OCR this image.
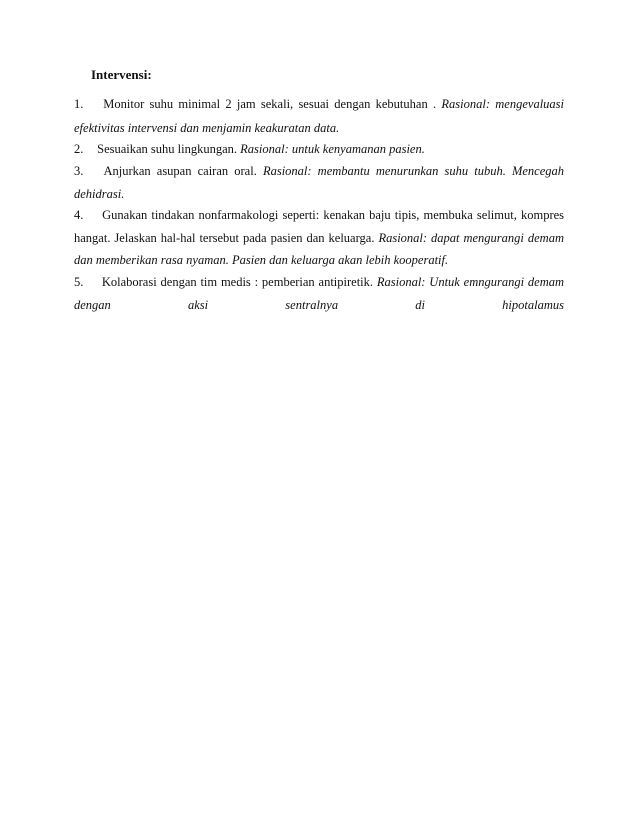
Intervensi:
1. Monitor suhu minimal 2 jam sekali, sesuai dengan kebutuhan . Rasional: mengevaluasi
efektivitas intervensi dan menjamin keakuratan data.
2. Sesuaikan suhu lingkungan. Rasional: untuk kenyamanan pasien.
3. Anjurkan asupan cairan oral. Rasional: membantu menurunkan suhu tubuh. Mencegah
dehidrasi.
4. Gunakan tindakan nonfarmakologi seperti: kenakan baju tipis, membuka selimut, kompres
hangat. Jelaskan hal-hal tersebut pada pasien dan keluarga. Rasional: dapat mengurangi demam
dan memberikan rasa nyaman. Pasien dan keluarga akan lebih kooperatif.
5. Kolaborasi dengan tim medis : pemberian antipiretik. Rasional: Untuk emngurangi demam
dengan aksi sentralnya di hipotalamus
